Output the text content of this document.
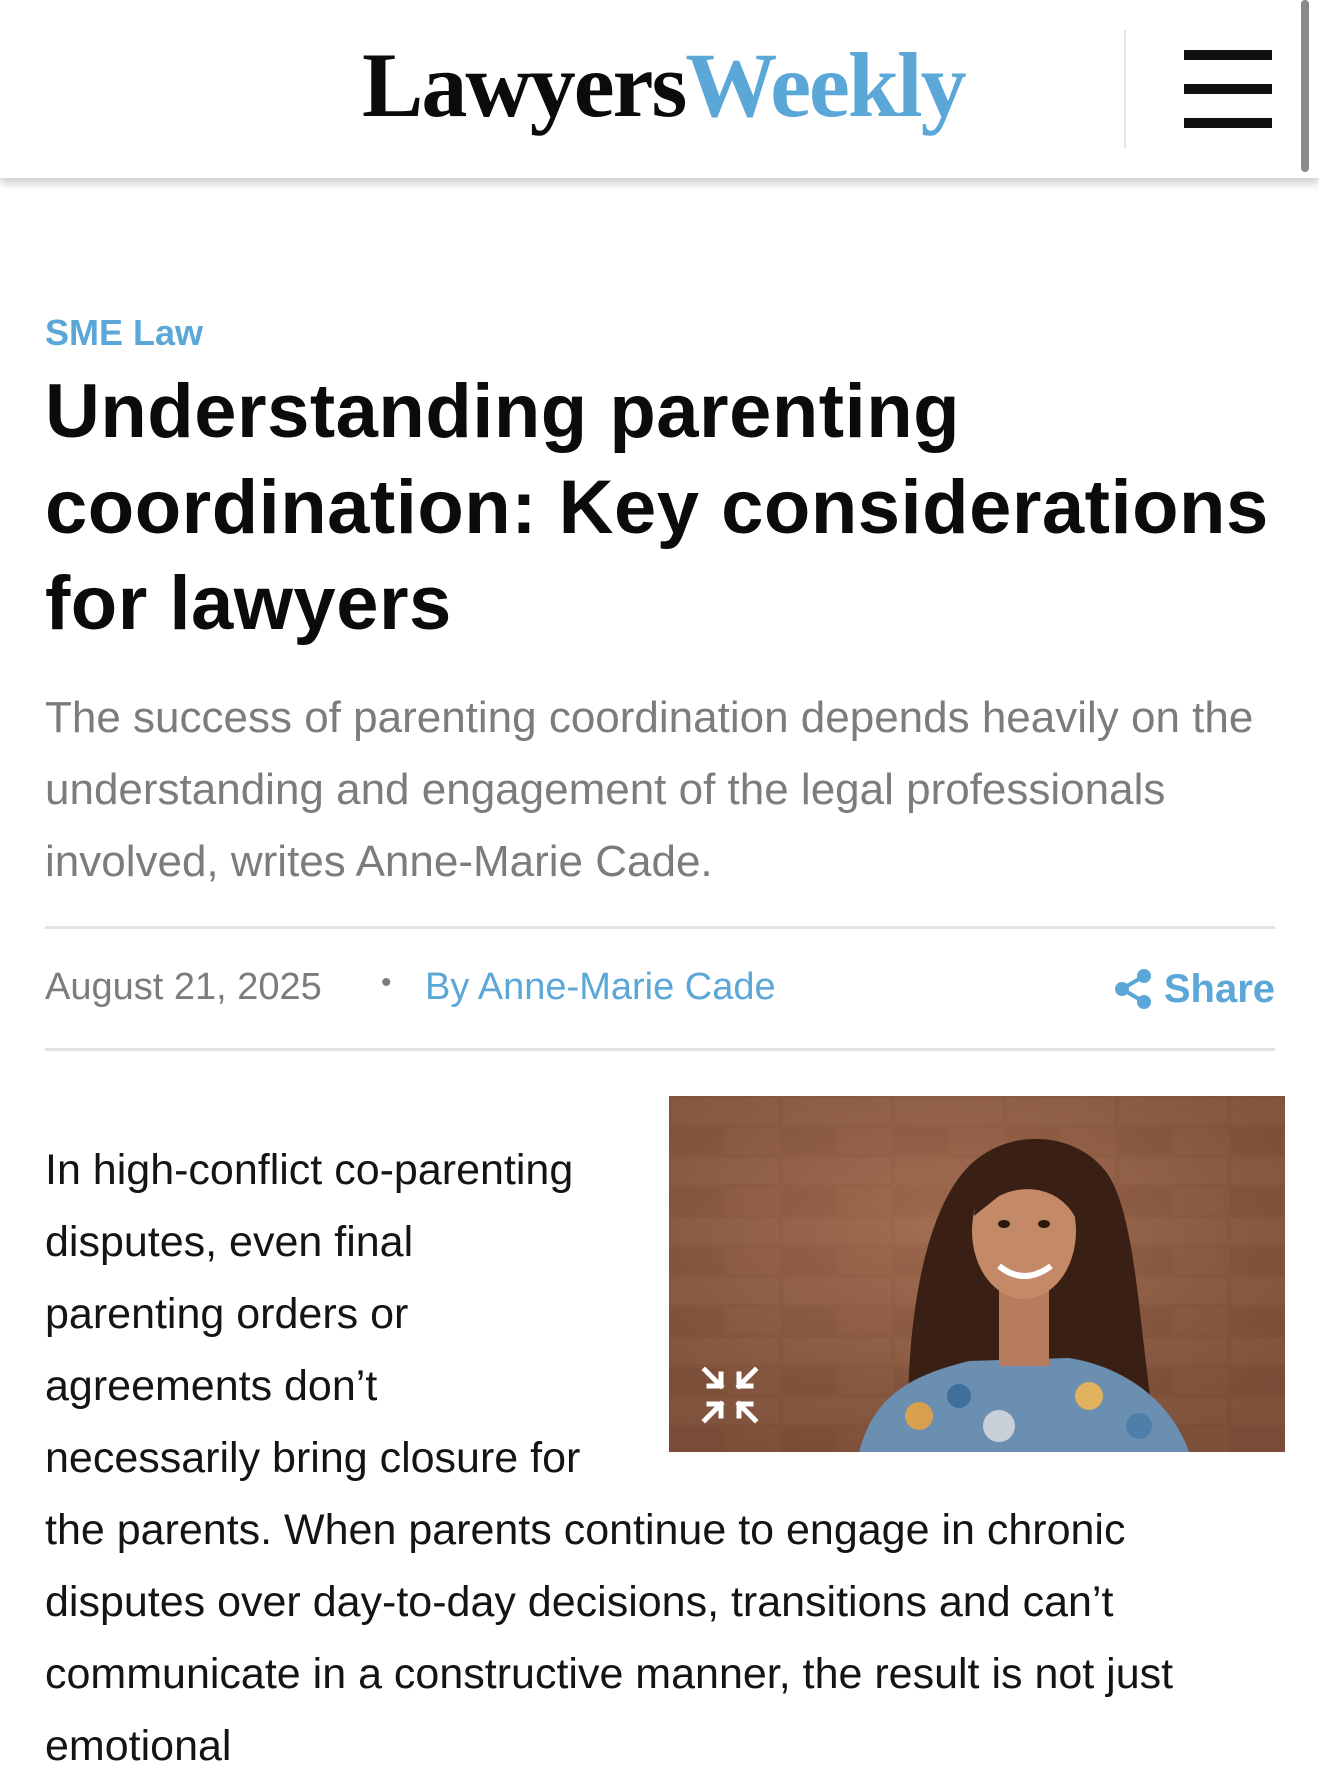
LawyersWeekly
SME Law
Understanding parenting coordination: Key considerations for lawyers

The success of parenting coordination depends heavily on the understanding and engagement of the legal professionals involved, writes Anne-Marie Cade.

August 21, 2025 • By Anne-Marie Cade	Share
In high-conflict co-parenting disputes, even final parenting orders or agreements don’t necessarily bring closure for the parents. When parents continue to engage in chronic disputes over day-to-day decisions, transitions and can’t communicate in a constructive manner, the result is not just emotional
